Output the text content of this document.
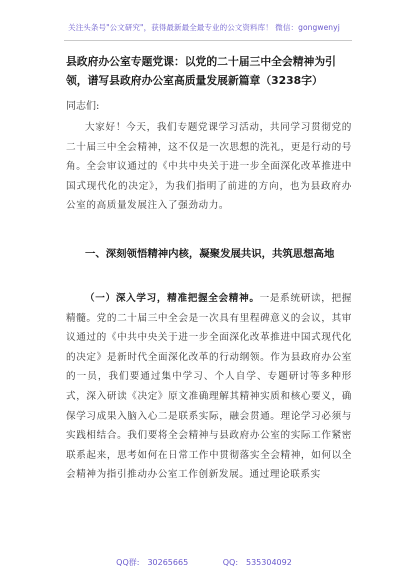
关注头条号"公文研究"，获得最新最全最专业的公文资料库！ 微信：gongwenyj
县政府办公室专题党课：以党的二十届三中全会精神为引领，谱写县政府办公室高质量发展新篇章（3238字）
同志们:
大家好！今天，我们专题党课学习活动，共同学习贯彻党的二十届三中全会精神，这不仅是一次思想的洗礼，更是行动的号角。全会审议通过的《中共中央关于进一步全面深化改革推进中国式现代化的决定》，为我们指明了前进的方向，也为县政府办公室的高质量发展注入了强劲动力。
一、深刻领悟精神内核，凝聚发展共识，共筑思想高地
（一）深入学习，精准把握全会精神。一是系统研读，把握精髓。党的二十届三中全会是一次具有里程碑意义的会议，其审议通过的《中共中央关于进一步全面深化改革推进中国式现代化的决定》是新时代全面深化改革的行动纲领。作为县政府办公室的一员，我们要通过集中学习、个人自学、专题研讨等多种形式，深入研读《决定》原文准确理解其精神实质和核心要义，确保学习成果入脑入心二是联系实际，融会贯通。理论学习必须与实践相结合。我们要将全会精神与县政府办公室的实际工作紧密联系起来，思考如何在日常工作中贯彻落实全会精神，如何以全会精神为指引推动办公室工作创新发展。通过理论联系实
QQ群:　30265665	QQ:　535304092
